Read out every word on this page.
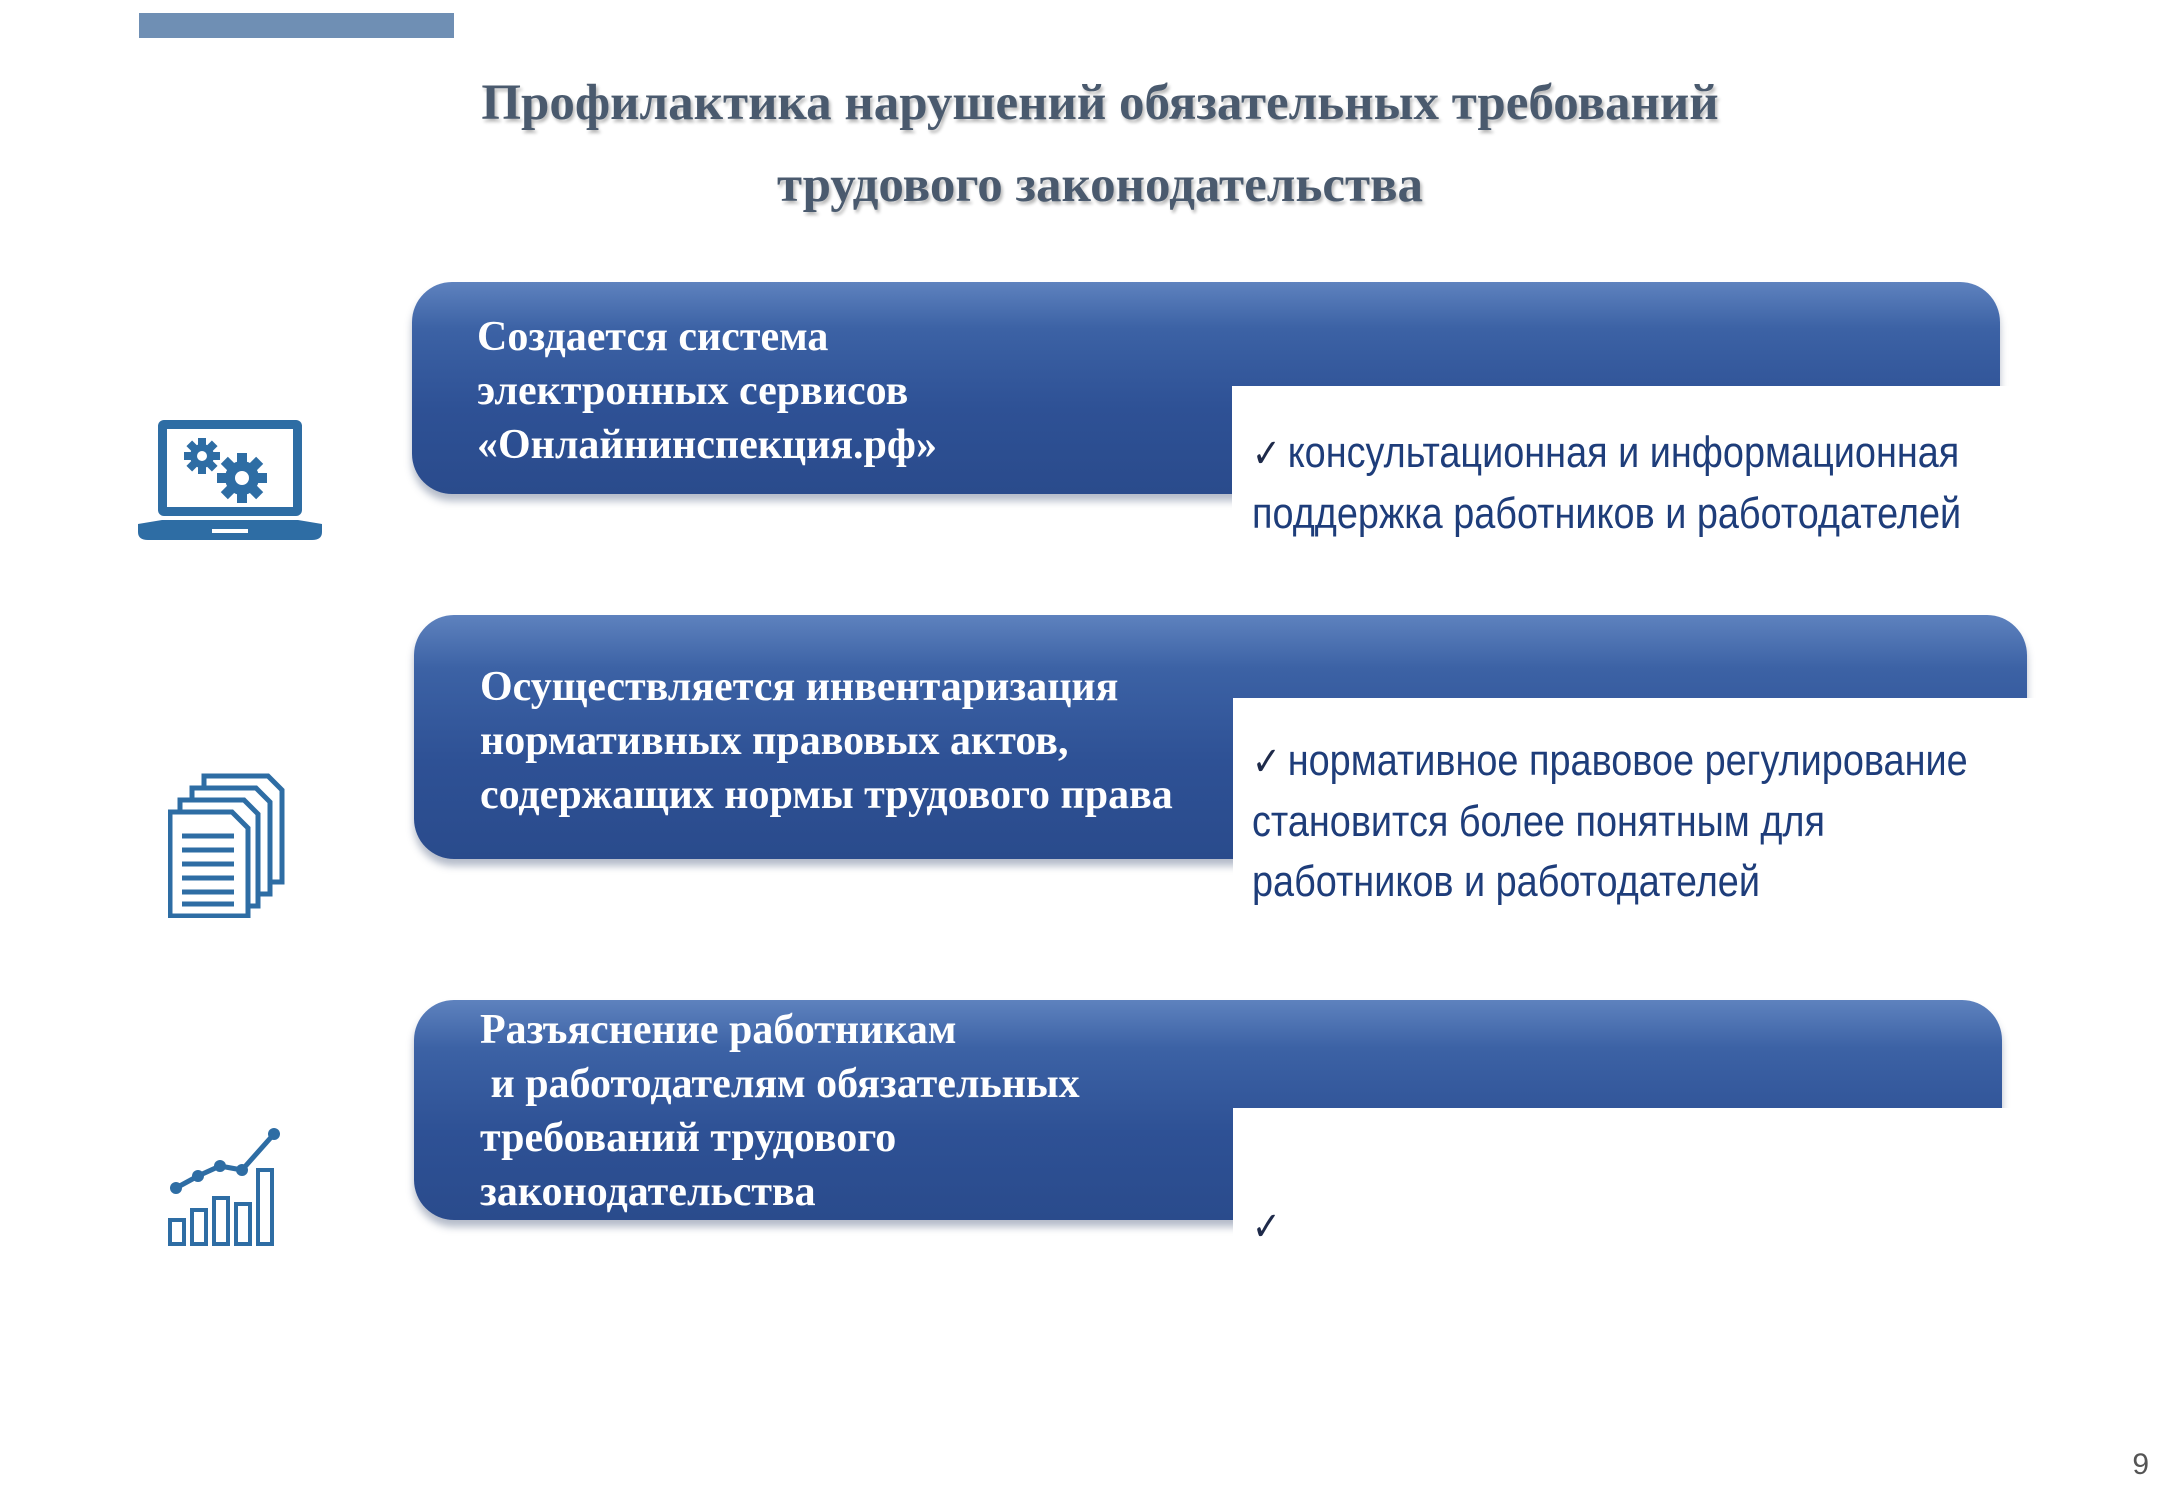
Профилактика нарушений обязательных требований
трудового законодательства
Создается система
электронных сервисов
«Онлайнинспекция.рф»	✓ консультационная и информационная
поддержка работников и работодателей
Осуществляется инвентаризация
нормативных правовых актов,
содержащих нормы трудового права
✓ нормативное правовое регулирование
становится более понятным для
работников и работодателей
Разъяснение работникам
и работодателям обязательных
требований трудового
законодательства
✓
9
